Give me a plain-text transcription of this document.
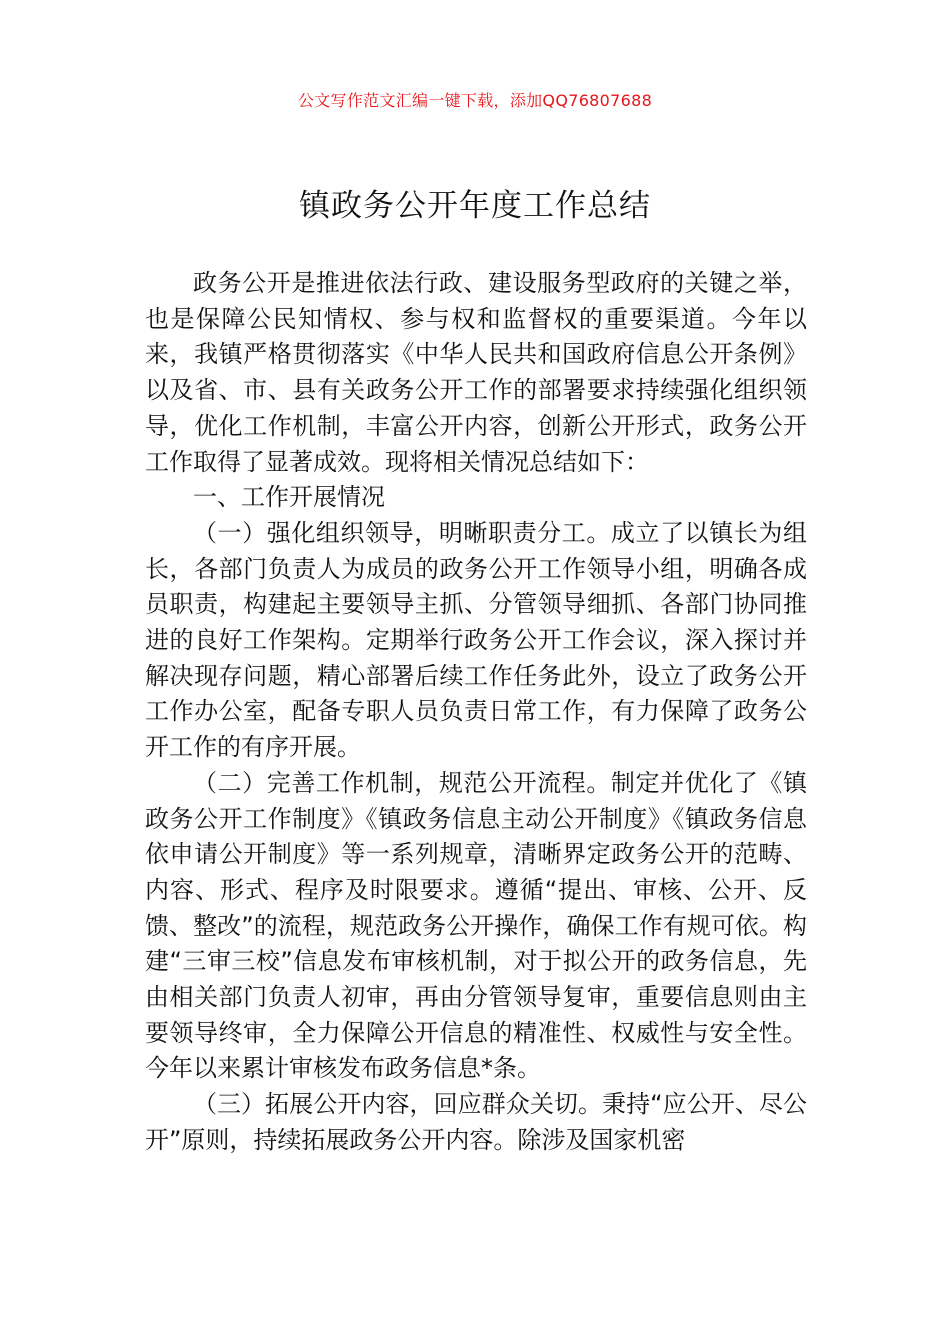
公文写作范文汇编一键下载，添加QQ76807688
镇政务公开年度工作总结

政务公开是推进依法行政、建设服务型政府的关键之举，也是保障公民知情权、参与权和监督权的重要渠道。今年以来，我镇严格贯彻落实《中华人民共和国政府信息公开条例》以及省、市、县有关政务公开工作的部署要求持续强化组织领导，优化工作机制，丰富公开内容，创新公开形式，政务公开工作取得了显著成效。现将相关情况总结如下：

一、工作开展情况

（一）强化组织领导，明晰职责分工。成立了以镇长为组长，各部门负责人为成员的政务公开工作领导小组，明确各成员职责，构建起主要领导主抓、分管领导细抓、各部门协同推进的良好工作架构。定期举行政务公开工作会议，深入探讨并解决现存问题，精心部署后续工作任务此外，设立了政务公开工作办公室，配备专职人员负责日常工作，有力保障了政务公开工作的有序开展。

（二）完善工作机制，规范公开流程。制定并优化了《镇政务公开工作制度》《镇政务信息主动公开制度》《镇政务信息依申请公开制度》等一系列规章，清晰界定政务公开的范畴、内容、形式、程序及时限要求。遵循“提出、审核、公开、反馈、整改”的流程，规范政务公开操作，确保工作有规可依。构建“三审三校”信息发布审核机制，对于拟公开的政务信息，先由相关部门负责人初审，再由分管领导复审，重要信息则由主要领导终审，全力保障公开信息的精准性、权威性与安全性。今年以来累计审核发布政务信息*条。

（三）拓展公开内容，回应群众关切。秉持“应公开、尽公开”原则，持续拓展政务公开内容。除涉及国家机密
